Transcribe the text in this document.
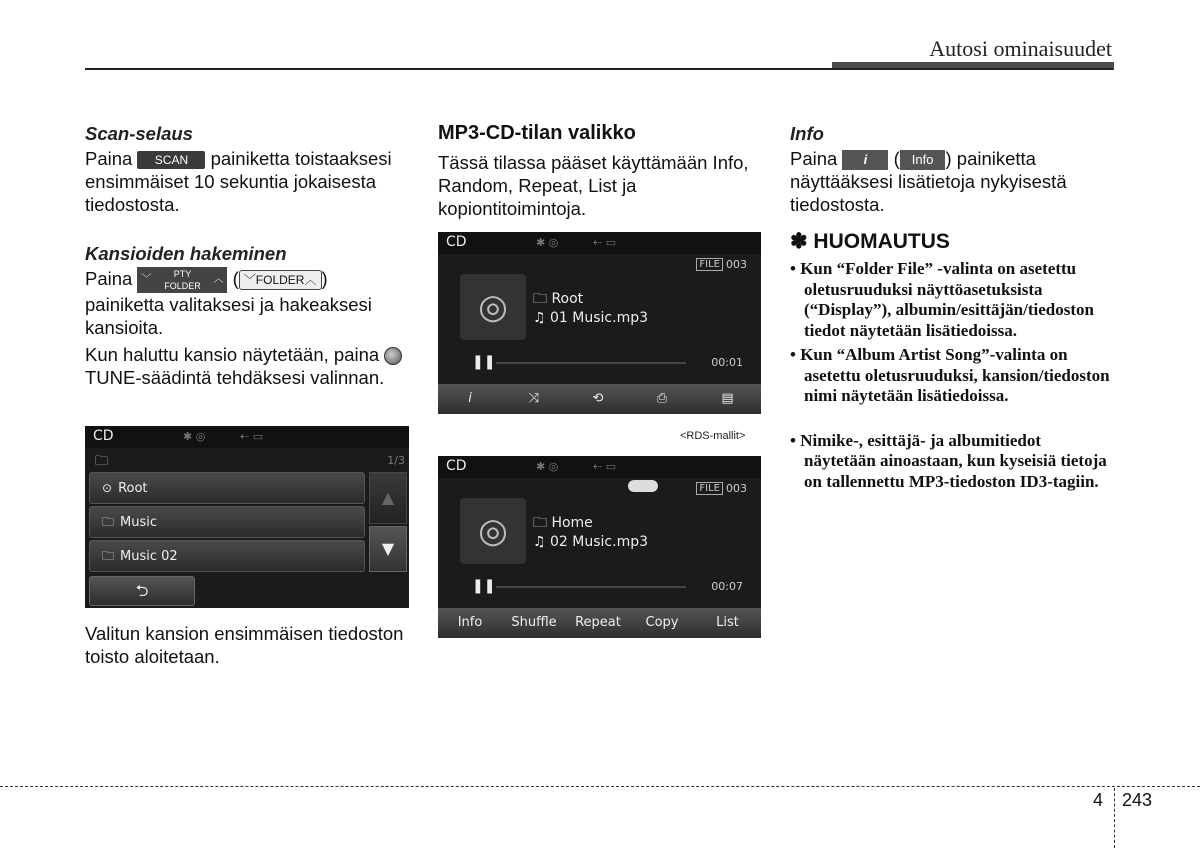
Autosi ominaisuudet
Scan-selaus

Paina SCAN painiketta toistaaksesi ensimmäiset 10 sekuntia jokaisesta tiedostosta.

Kansioiden hakeminen

Paina ﹀	PTY
FOLDER
︿ ( ﹀FOLDER︿ ) painiketta valitaksesi ja hakeaksesi kansioita.

Kun haluttu kansio näytetään, paina  TUNE-säädintä tehdäksesi valinnan.

CD	✱ ◎	⇠ ▭
🗀	1/3
⊙ Root
🗀 Music
🗀 Music 02
▲
▼
⮌

Valitun kansion ensimmäisen tiedoston toisto aloitetaan.

MP3-CD-tilan valikko

Tässä tilassa pääset käyttämään Info, Random, Repeat, List ja kopiontitoimintoja.

CD	✱ ◎	⇠ ▭
FILE 003
◎	🗀 Root
♫ 01 Music.mp3
❚❚	00:01
i	⤨	⟲	⎙	▤
<RDS-mallit>
CD	✱ ◎	⇠ ▭
FILE 003
◎	🗀 Home
♫ 02 Music.mp3
❚❚	00:07
Info	Shuffle	Repeat	Copy	List
Info

Paina i ( Info ) painiketta näyttääksesi lisätietoja nykyisestä tiedostosta.

✽ HUOMAUTUS

• Kun “Folder File” -valinta on asetettu oletusruuduksi näyttöasetuksista (“Display”), albumin/esittäjän/tiedoston tiedot näytetään lisätiedoissa.

• Kun “Album Artist Song”-valinta on asetettu oletusruuduksi, kansion/tiedoston nimi näytetään lisätiedoissa.

• Nimike-, esittäjä- ja albumitiedot näytetään ainoastaan, kun kyseisiä tietoja on tallennettu MP3-tiedoston ID3-tagiin.

4 243
